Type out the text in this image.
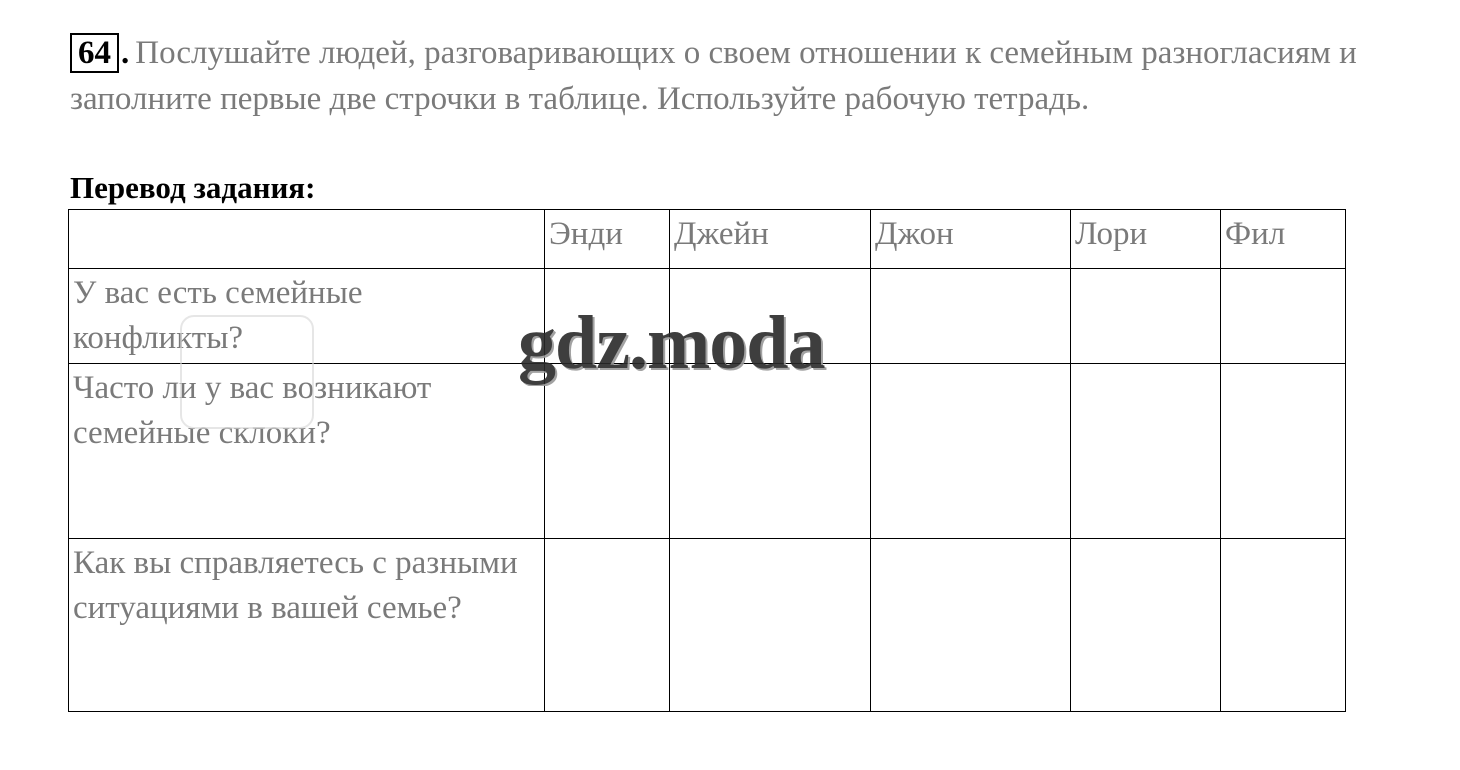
64 . Послушайте людей, разговаривающих о своем отношении к семейным разногласиям и заполните первые две строчки в таблице. Используйте рабочую тетрадь.
Перевод задания:
	Энди	Джейн	Джон	Лори	Фил
У вас есть семейные конфликты?					
Часто ли у вас возникают семейные склоки?					
Как вы справляетесь с разными ситуациями в вашей семье?					
gdz.moda
